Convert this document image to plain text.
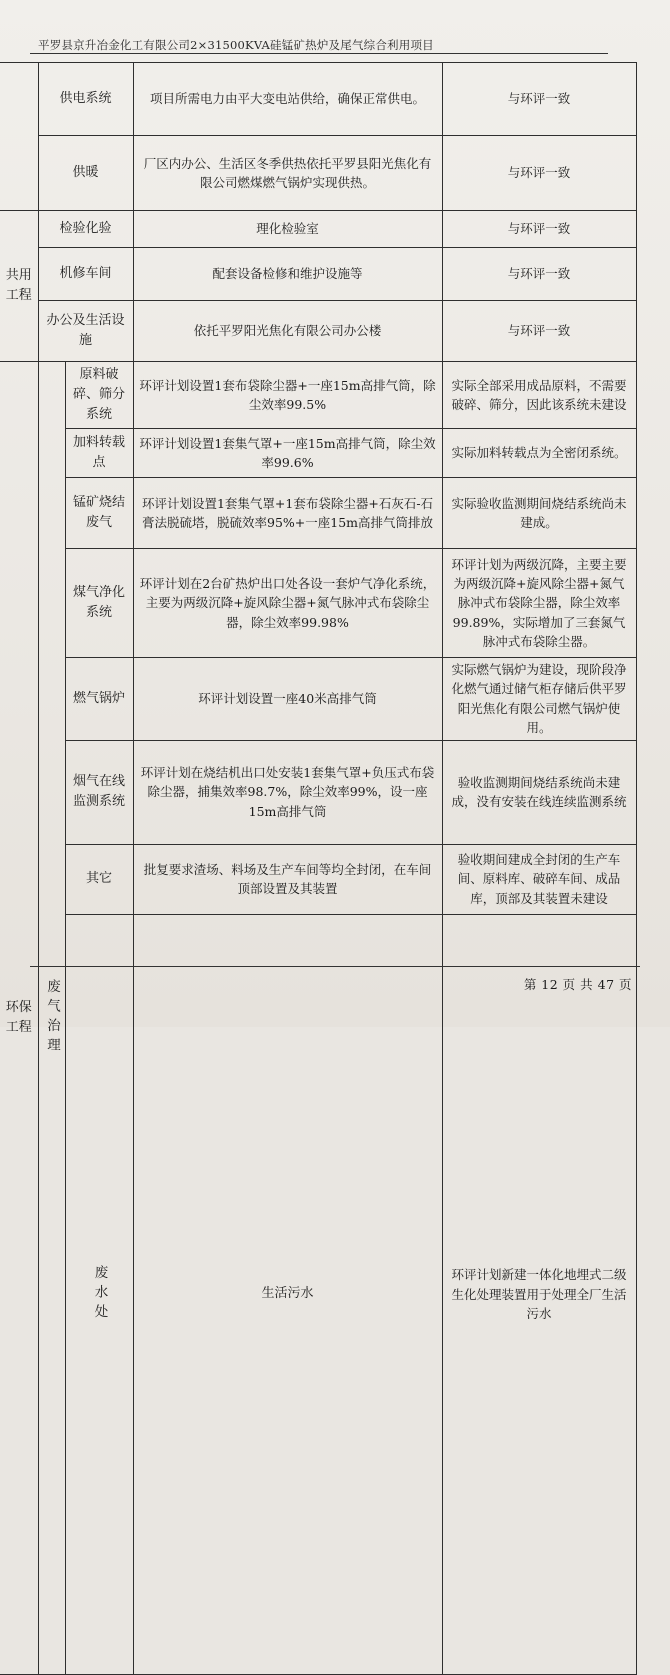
平罗县京升冶金化工有限公司2×31500KVA硅锰矿热炉及尾气综合利用项目
	供电系统		项目所需电力由平大变电站供给，确保正常供电。	与环评一致	
	供暖		厂区内办公、生活区冬季供热依托平罗县阳光焦化有限公司燃煤燃气锅炉实现供热。	与环评一致	
共用工程	检验化验		理化检验室	与环评一致	
	机修车间		配套设备检修和维护设施等	与环评一致	
	办公及生活设施		依托平罗阳光焦化有限公司办公楼	与环评一致	
环保工程	废气治理	原料破碎、筛分系统	环评计划设置1套布袋除尘器+一座15m高排气筒，除尘效率99.5%	实际全部采用成品原料，不需要破碎、筛分，因此该系统未建设	
		加料转载点	环评计划设置1套集气罩+一座15m高排气筒，除尘效率99.6%	实际加料转载点为全密闭系统。	
		锰矿烧结废气	环评计划设置1套集气罩+1套布袋除尘器+石灰石-石膏法脱硫塔，脱硫效率95%+一座15m高排气筒排放	实际验收监测期间烧结系统尚未建成。	
		煤气净化系统	环评计划在2台矿热炉出口处各设一套炉气净化系统，主要为两级沉降+旋风除尘器+氮气脉冲式布袋除尘器，除尘效率99.98%	环评计划为两级沉降，主要主要为两级沉降+旋风除尘器+氮气脉冲式布袋除尘器，除尘效率99.89%，实际增加了三套氮气脉冲式布袋除尘器。	
		燃气锅炉	环评计划设置一座40米高排气筒	实际燃气锅炉为建设，现阶段净化燃气通过储气柜存储后供平罗阳光焦化有限公司燃气锅炉使用。	
		烟气在线监测系统	环评计划在烧结机出口处安装1套集气罩+负压式布袋除尘器，捕集效率98.7%，除尘效率99%，设一座15m高排气筒	验收监测期间烧结系统尚未建成，没有安装在线连续监测系统	
		其它	批复要求渣场、料场及生产车间等均全封闭，在车间顶部设置及其装置	验收期间建成全封闭的生产车间、原料库、破碎车间、成品库，顶部及其装置未建设	
		废水处	生活污水	环评计划新建一体化地埋式二级生化处理装置用于处理全厂生活污水	
第 12 页 共 47 页
